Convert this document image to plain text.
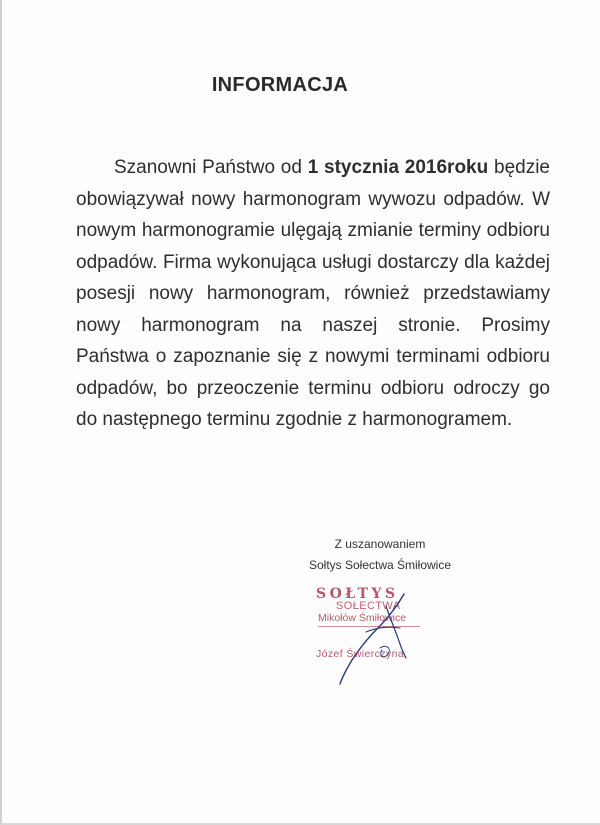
INFORMACJA
Szanowni Państwo od 1 stycznia 2016roku będzie obowiązywał nowy harmonogram wywozu odpadów. W nowym harmonogramie ulęgają zmianie terminy odbioru odpadów. Firma wykonująca usługi dostarczy dla każdej posesji nowy harmonogram, również przedstawiamy nowy harmonogram na naszej stronie. Prosimy Państwa o zapoznanie się z nowymi terminami odbioru odpadów, bo przeoczenie terminu odbioru odroczy go do następnego terminu zgodnie z harmonogramem.
Z uszanowaniem
Sołtys Sołectwa Śmiłowice
SOŁTYS
SOŁECTWA
Mikołów Śmiłowice
Józef Świerczyna
